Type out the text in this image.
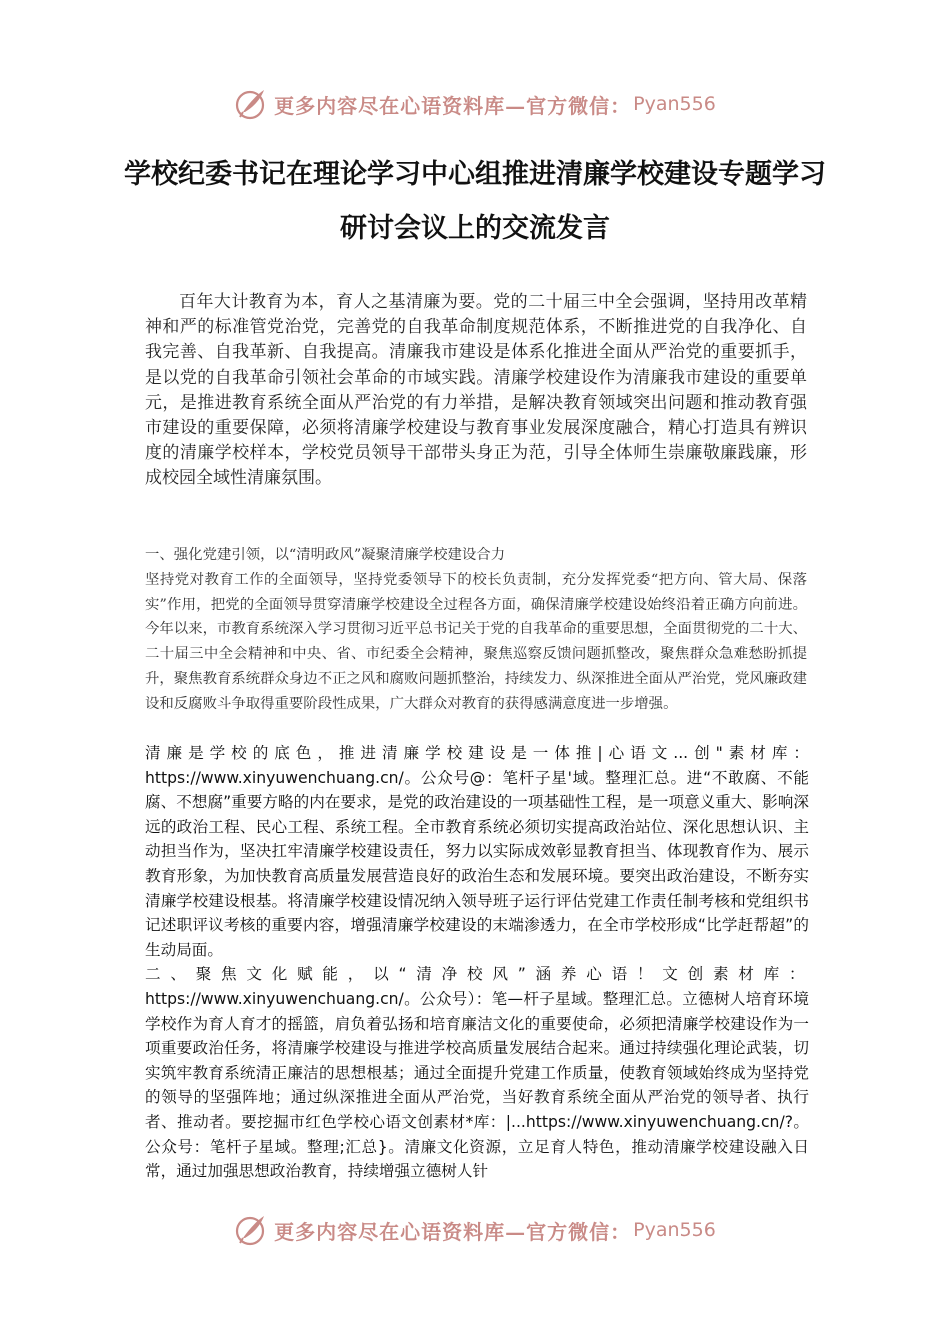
更多内容尽在心语资料库—官方微信： Pyan556
学校纪委书记在理论学习中心组推进清廉学校建设专题学习研讨会议上的交流发言

百年大计教育为本，育人之基清廉为要。党的二十届三中全会强调，坚持用改革精神和严的标准管党治党，完善党的自我革命制度规范体系，不断推进党的自我净化、自我完善、自我革新、自我提高。清廉我市建设是体系化推进全面从严治党的重要抓手，是以党的自我革命引领社会革命的市域实践。清廉学校建设作为清廉我市建设的重要单元，是推进教育系统全面从严治党的有力举措，是解决教育领域突出问题和推动教育强市建设的重要保障，必须将清廉学校建设与教育事业发展深度融合，精心打造具有辨识度的清廉学校样本，学校党员领导干部带头身正为范，引导全体师生崇廉敬廉践廉，形成校园全域性清廉氛围。

一、强化党建引领，以“清明政风”凝聚清廉学校建设合力
坚持党对教育工作的全面领导，坚持党委领导下的校长负责制，充分发挥党委“把方向、管大局、保落实”作用，把党的全面领导贯穿清廉学校建设全过程各方面，确保清廉学校建设始终沿着正确方向前进。今年以来，市教育系统深入学习贯彻习近平总书记关于党的自我革命的重要思想，全面贯彻党的二十大、二十届三中全会精神和中央、省、市纪委全会精神，聚焦巡察反馈问题抓整改，聚焦群众急难愁盼抓提升，聚焦教育系统群众身边不正之风和腐败问题抓整治，持续发力、纵深推进全面从严治党，党风廉政建设和反腐败斗争取得重要阶段性成果，广大群众对教育的获得感满意度进一步增强。

清廉是学校的底色，推进清廉学校建设是一体推|心语文...创"素材库：https://www.xinyuwenchuang.cn/。公众号@：笔杆子星'域。整理汇总。进“不敢腐、不能腐、不想腐”重要方略的内在要求，是党的政治建设的一项基础性工程，是一项意义重大、影响深远的政治工程、民心工程、系统工程。全市教育系统必须切实提高政治站位、深化思想认识、主动担当作为，坚决扛牢清廉学校建设责任，努力以实际成效彰显教育担当、体现教育作为、展示教育形象，为加快教育高质量发展营造良好的政治生态和发展环境。要突出政治建设，不断夯实清廉学校建设根基。将清廉学校建设情况纳入领导班子运行评估党建工作责任制考核和党组织书记述职评议考核的重要内容，增强清廉学校建设的末端渗透力，在全市学校形成“比学赶帮超”的生动局面。
二、聚焦文化赋能，以“清净校风”涵养心语！文创素材库：https://www.xinyuwenchuang.cn/。公众号）：笔—杆子星域。整理汇总。立德树人培育环境学校作为育人育才的摇篮，肩负着弘扬和培育廉洁文化的重要使命，必须把清廉学校建设作为一项重要政治任务，将清廉学校建设与推进学校高质量发展结合起来。通过持续强化理论武装，切实筑牢教育系统清正廉洁的思想根基；通过全面提升党建工作质量，使教育领域始终成为坚持党的领导的坚强阵地；通过纵深推进全面从严治党，当好教育系统全面从严治党的领导者、执行者、推动者。要挖掘市红色学校心语文创素材*库：|...https://www.xinyuwenchuang.cn/?。公众号：笔杆子星域。整理;汇总}。清廉文化资源，立足育人特色，推动清廉学校建设融入日常，通过加强思想政治教育，持续增强立德树人针

更多内容尽在心语资料库—官方微信： Pyan556
